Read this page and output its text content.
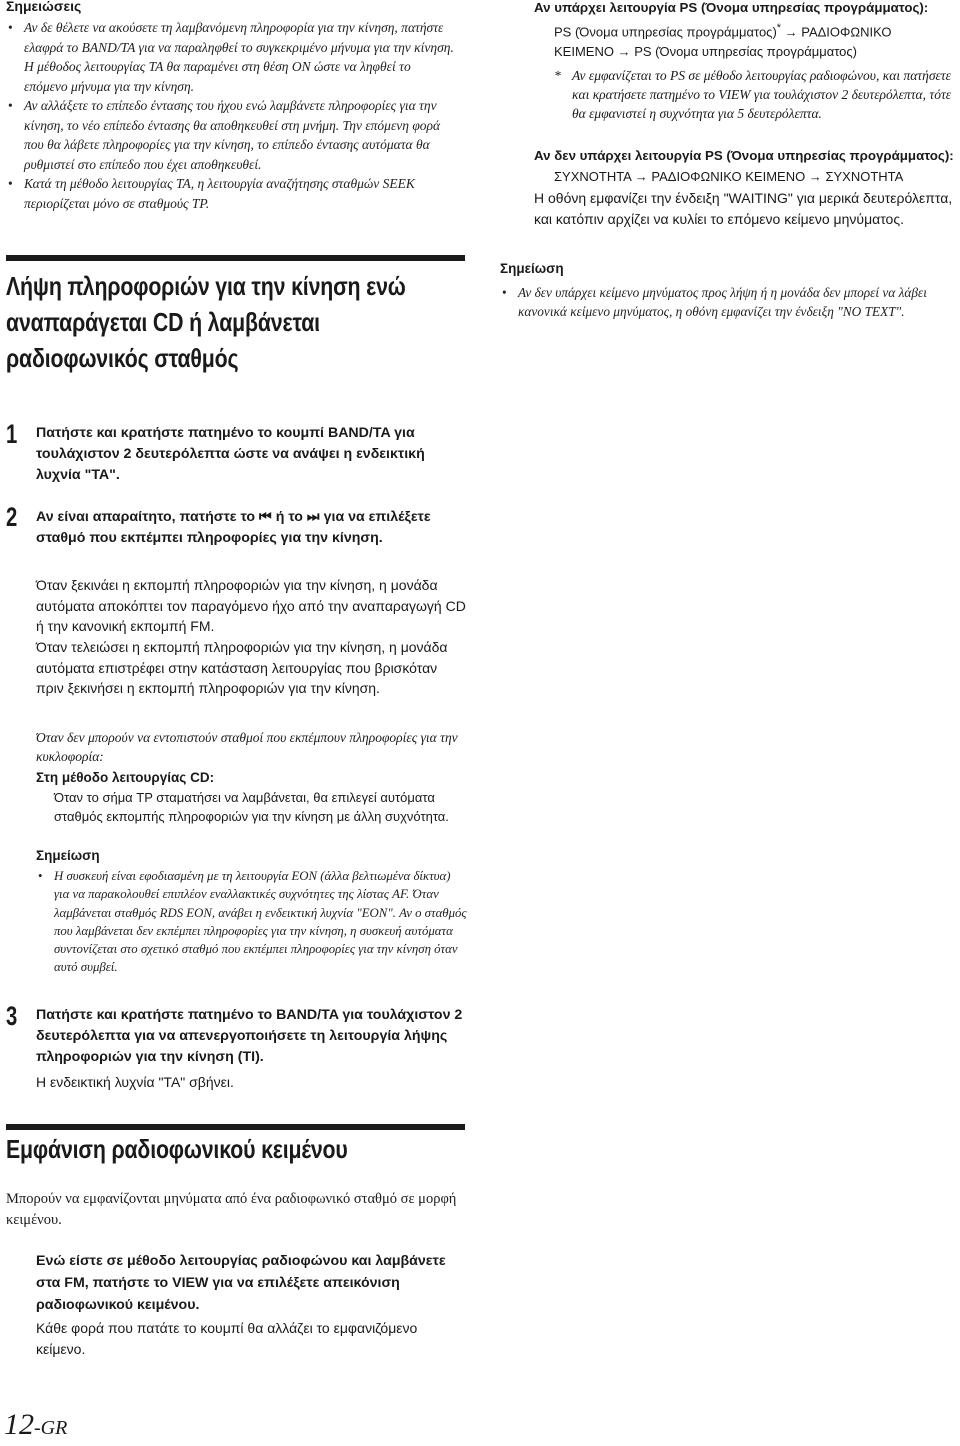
Σημειώσεις

• Αν δε θέλετε να ακούσετε τη λαμβανόμενη πληροφορία για την κίνηση, πατήστε ελαφρά το BAND/TA για να παραληφθεί το συγκεκριμένο μήνυμα για την κίνηση. Η μέθοδος λειτουργίας TA θα παραμένει στη θέση ON ώστε να ληφθεί το επόμενο μήνυμα για την κίνηση.

• Αν αλλάξετε το επίπεδο έντασης του ήχου ενώ λαμβάνετε πληροφορίες για την κίνηση, το νέο επίπεδο έντασης θα αποθηκευθεί στη μνήμη. Την επόμενη φορά που θα λάβετε πληροφορίες για την κίνηση, το επίπεδο έντασης αυτόματα θα ρυθμιστεί στο επίπεδο που έχει αποθηκευθεί.

• Κατά τη μέθοδο λειτουργίας TA, η λειτουργία αναζήτησης σταθμών SEEK περιορίζεται μόνο σε σταθμούς TP.

Λήψη πληροφοριών για την κίνηση ενώ
αναπαράγεται CD ή λαμβάνεται
ραδιοφωνικός σταθμός
1 Πατήστε και κρατήστε πατημένο το κουμπί BAND/TA για τουλάχιστον 2 δευτερόλεπτα ώστε να ανάψει η ενδεικτική λυχνία "TA".
2 Αν είναι απαραίτητο, πατήστε το ⏮ ή το ⏭ για να επιλέξετε σταθμό που εκπέμπει πληροφορίες για την κίνηση.
Όταν ξεκινάει η εκπομπή πληροφοριών για την κίνηση, η μονάδα αυτόματα αποκόπτει τον παραγόμενο ήχο από την αναπαραγωγή CD ή την κανονική εκπομπή FM.
Όταν τελειώσει η εκπομπή πληροφοριών για την κίνηση, η μονάδα αυτόματα επιστρέφει στην κατάσταση λειτουργίας που βρισκόταν πριν ξεκινήσει η εκπομπή πληροφοριών για την κίνηση.
Όταν δεν μπορούν να εντοπιστούν σταθμοί που εκπέμπουν πληροφορίες για την κυκλοφορία:
Στη μέθοδο λειτουργίας CD:
Όταν το σήμα TP σταματήσει να λαμβάνεται, θα επιλεγεί αυτόματα σταθμός εκπομπής πληροφοριών για την κίνηση με άλλη συχνότητα.
Σημείωση

• Η συσκευή είναι εφοδιασμένη με τη λειτουργία EON (άλλα βελτιωμένα δίκτυα) για να παρακολουθεί επιπλέον εναλλακτικές συχνότητες της λίστας AF. Όταν λαμβάνεται σταθμός RDS EON, ανάβει η ενδεικτική λυχνία "EON". Αν ο σταθμός που λαμβάνεται δεν εκπέμπει πληροφορίες για την κίνηση, η συσκευή αυτόματα συντονίζεται στο σχετικό σταθμό που εκπέμπει πληροφορίες για την κίνηση όταν αυτό συμβεί.

3 Πατήστε και κρατήστε πατημένο το BAND/TA για τουλάχιστον 2 δευτερόλεπτα για να απενεργοποιήσετε τη λειτουργία λήψης πληροφοριών για την κίνηση (TI).
Η ενδεικτική λυχνία "TA" σβήνει.
Εμφάνιση ραδιοφωνικού κειμένου
Μπορούν να εμφανίζονται μηνύματα από ένα ραδιοφωνικό σταθμό σε μορφή κειμένου.
Ενώ είστε σε μέθοδο λειτουργίας ραδιοφώνου και λαμβάνετε στα FM, πατήστε το VIEW για να επιλέξετε απεικόνιση ραδιοφωνικού κειμένου.
Κάθε φορά που πατάτε το κουμπί θα αλλάζει το εμφανιζόμενο κείμενο.
12-GR
Αν υπάρχει λειτουργία PS (Όνομα υπηρεσίας προγράμματος):
PS (Όνομα υπηρεσίας προγράμματος)* → ΡΑΔΙΟΦΩΝΙΚΟ
ΚΕΙΜΕΝΟ → PS (Όνομα υπηρεσίας προγράμματος)
* Αν εμφανίζεται το PS σε μέθοδο λειτουργίας ραδιοφώνου, και πατήσετε και κρατήσετε πατημένο το VIEW για τουλάχιστον 2 δευτερόλεπτα, τότε θα εμφανιστεί η συχνότητα για 5 δευτερόλεπτα.
Αν δεν υπάρχει λειτουργία PS (Όνομα υπηρεσίας προγράμματος):
ΣΥΧΝΟΤΗΤΑ → ΡΑΔΙΟΦΩΝΙΚΟ ΚΕΙΜΕΝΟ → ΣΥΧΝΟΤΗΤΑ
Η οθόνη εμφανίζει την ένδειξη "WAITING" για μερικά δευτερόλεπτα, και κατόπιν αρχίζει να κυλίει το επόμενο κείμενο μηνύματος.
Σημείωση

• Αν δεν υπάρχει κείμενο μηνύματος προς λήψη ή η μονάδα δεν μπορεί να λάβει κανονικά κείμενο μηνύματος, η οθόνη εμφανίζει την ένδειξη "NO TEXT".
